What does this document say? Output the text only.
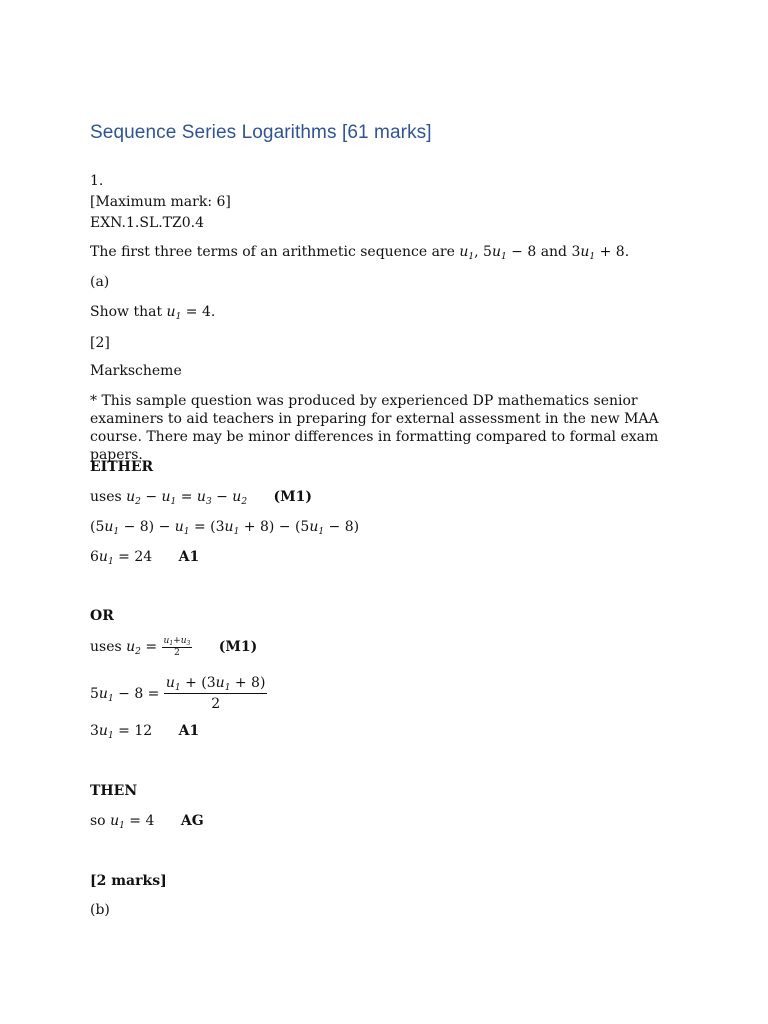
Sequence Series Logarithms [61 marks]
1.
[Maximum mark: 6]
EXN.1.SL.TZ0.4
The first three terms of an arithmetic sequence are $u_1$, $5u_1 - 8$ and $3u_1 + 8$.
(a)
Show that $u_1 = 4$.
[2]
Markscheme
* This sample question was produced by experienced DP mathematics senior examiners to aid teachers in preparing for external assessment in the new MAA course. There may be minor differences in formatting compared to formal exam papers.
EITHER
uses $u_2 - u_1 = u_3 - u_2$ (M1)
$(5u_1 - 8) - u_1 = (3u_1 + 8) - (5u_1 - 8)$
$6u_1 = 24$ A1
OR
uses $u_2 = \frac{u_1+u_3}{2} (M1)$
$5u_1 - 8 = \frac{u_1 + (3u_1 + 8)}{2}$
$3u_1 = 12$ A1
THEN
so $u_1 = 4$ AG
[2 marks]
(b)
